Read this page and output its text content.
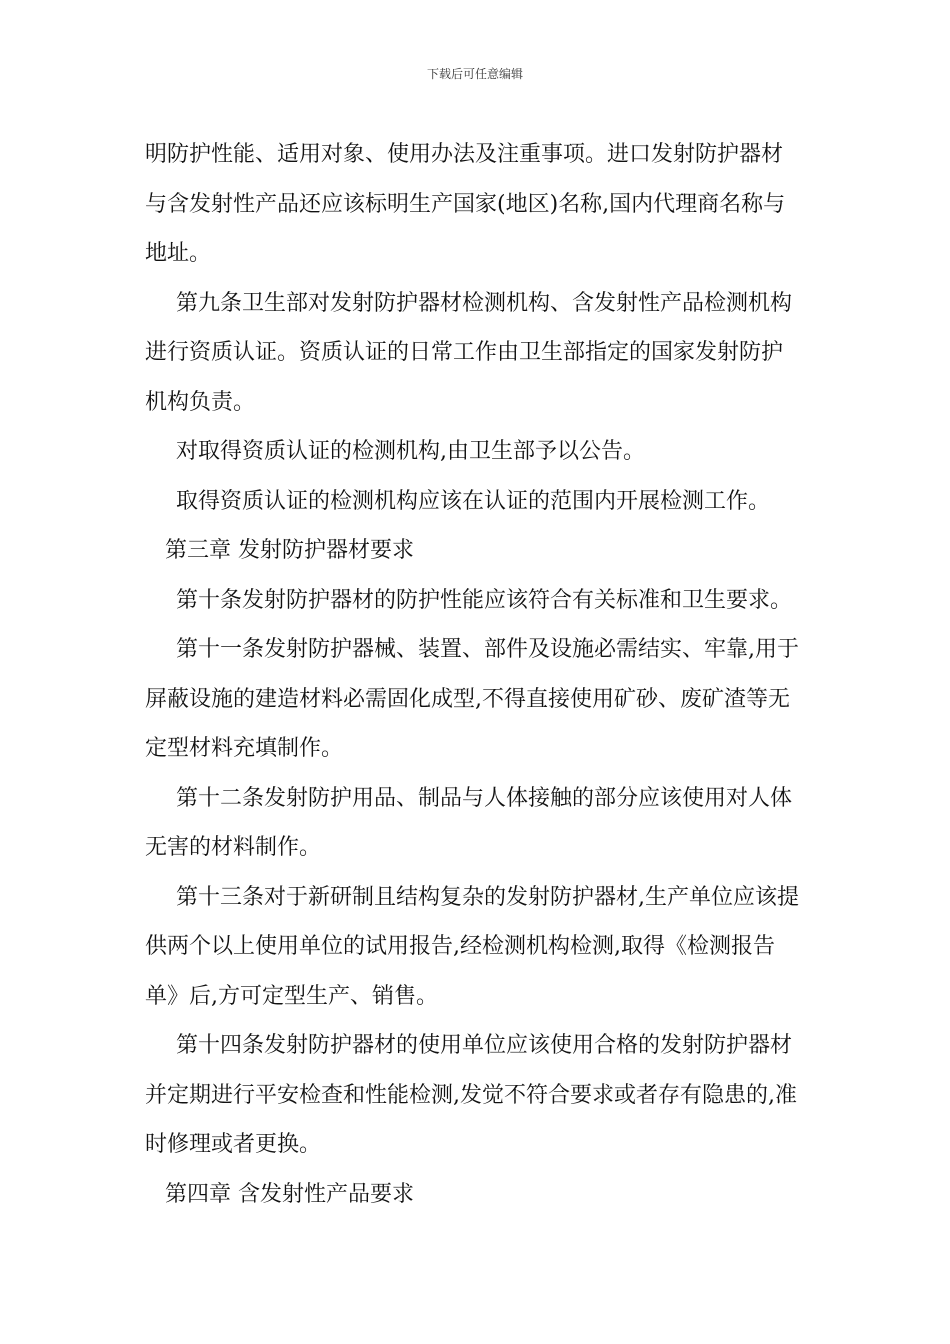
下载后可任意编辑

明防护性能、适用对象、使用办法及注重事项。进口发射防护器材
与含发射性产品还应该标明生产国家(地区)名称,国内代理商名称与
地址。

第九条卫生部对发射防护器材检测机构、含发射性产品检测机构
进行资质认证。资质认证的日常工作由卫生部指定的国家发射防护
机构负责。

对取得资质认证的检测机构,由卫生部予以公告。

取得资质认证的检测机构应该在认证的范围内开展检测工作。

第三章 发射防护器材要求

第十条发射防护器材的防护性能应该符合有关标准和卫生要求。

第十一条发射防护器械、装置、部件及设施必需结实、牢靠,用于
屏蔽设施的建造材料必需固化成型,不得直接使用矿砂、废矿渣等无
定型材料充填制作。

第十二条发射防护用品、制品与人体接触的部分应该使用对人体
无害的材料制作。

第十三条对于新研制且结构复杂的发射防护器材,生产单位应该提
供两个以上使用单位的试用报告,经检测机构检测,取得《检测报告
单》后,方可定型生产、销售。

第十四条发射防护器材的使用单位应该使用合格的发射防护器材
并定期进行平安检查和性能检测,发觉不符合要求或者存有隐患的,准
时修理或者更换。

第四章 含发射性产品要求
